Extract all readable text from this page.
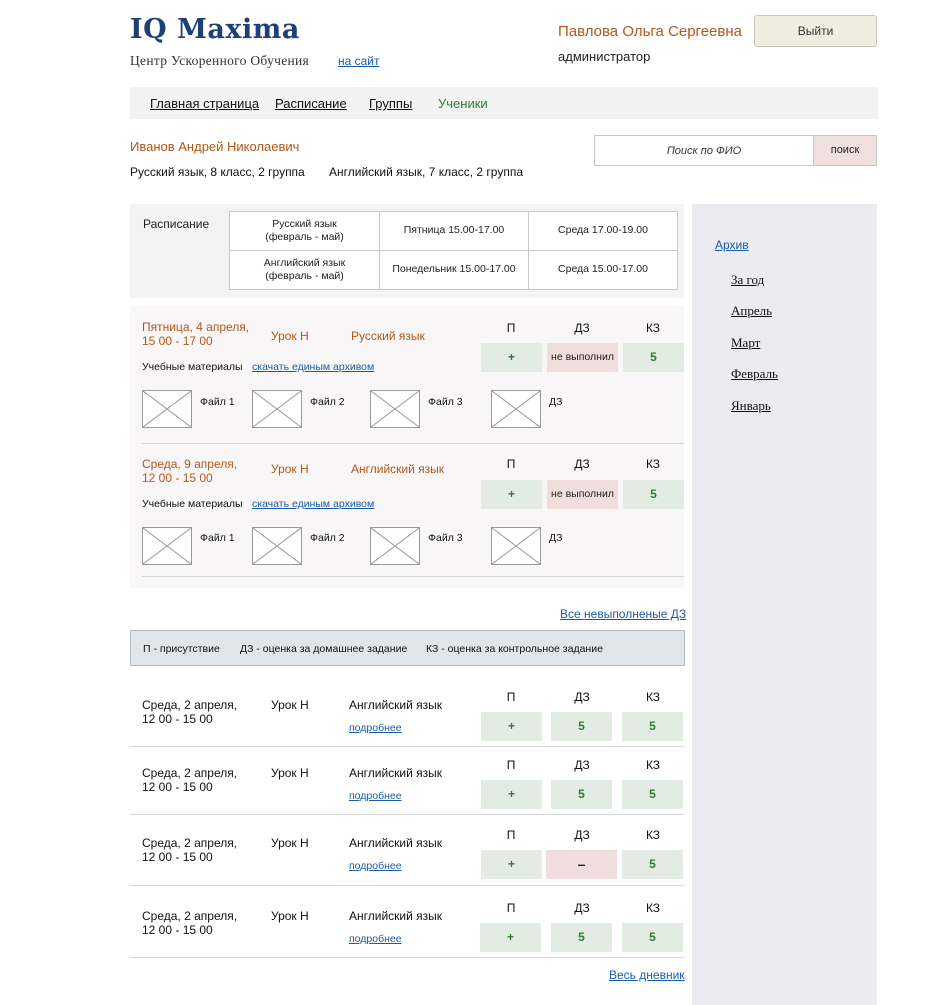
IQ Maxima
Центр Ускоренного Обучения на сайт
Павлова Ольга Сергеевна
администратор
Выйти
Главная страница Расписание Группы Ученики
Иванов Андрей Николаевич
Русский язык, 8 класс, 2 группа Английский язык, 7 класс, 2 группа
Поиск по ФИО
поиск
Расписание	Русский язык
(февраль - май)	Пятница 15.00-17.00	Среда 17.00-19.00
Английский язык
(февраль - май)	Понедельник 15.00-17.00	Среда 15.00-17.00
Архив
За год
Апрель
Март
Февраль
Январь
Пятница, 4 апреля,
15 00 - 17 00	Урок Н	Русский язык
П	ДЗ	КЗ
+	не выполнил	5
Учебные материалы скачать единым архивом
Файл 1	Файл 2	Файл 3	ДЗ
Среда, 9 апреля,
12 00 - 15 00
Урок Н	Английский язык	П	ДЗ	КЗ
+	не выполнил	5
Учебные материалы скачать единым архивом
Файл 1	Файл 2	Файл 3	ДЗ
Все невыполненые ДЗ
П - присутствие ДЗ - оценка за домашнее задание КЗ - оценка за контрольное задание
Среда, 2 апреля,
12 00 - 15 00
Урок Н	Английский язык
подробнее
П	ДЗ	КЗ
+	5	5
Среда, 2 апреля,
12 00 - 15 00
Урок Н	Английский язык
подробнее
П	ДЗ	КЗ
+	5	5
Среда, 2 апреля,
12 00 - 15 00
Урок Н	Английский язык
подробнее
П	ДЗ	КЗ
+	–	5
Среда, 2 апреля,
12 00 - 15 00
Урок Н	Английский язык
подробнее
П	ДЗ	КЗ
+	5	5
Весь дневник
